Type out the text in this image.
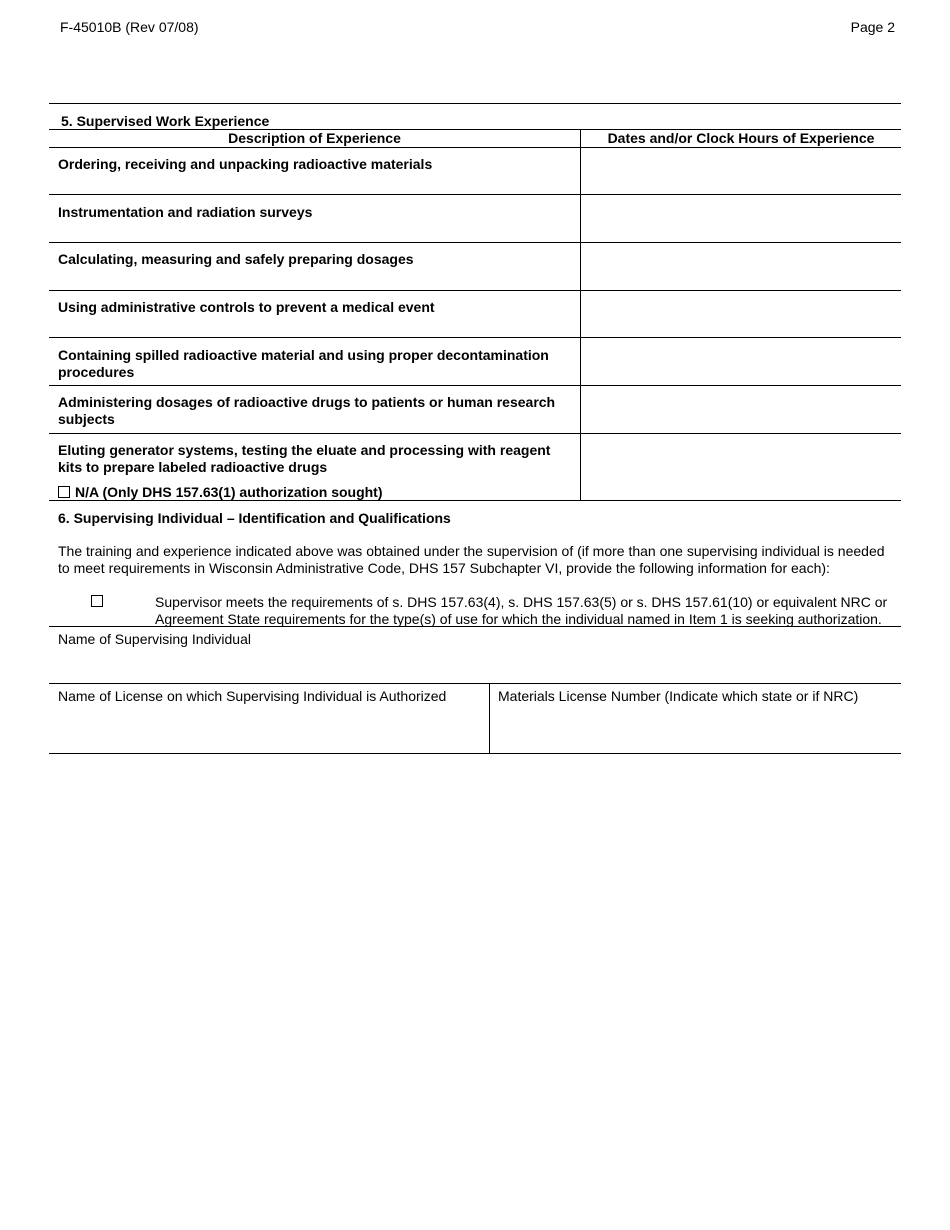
F-45010B (Rev 07/08)	Page 2
5. Supervised Work Experience
Description of Experience	Dates and/or Clock Hours of Experience
Ordering, receiving and unpacking radioactive materials
Instrumentation and radiation surveys
Calculating, measuring and safely preparing dosages
Using administrative controls to prevent a medical event
Containing spilled radioactive material and using proper decontamination procedures
Administering dosages of radioactive drugs to patients or human research subjects
Eluting generator systems, testing the eluate and processing with reagent kits to prepare labeled radioactive drugs
N/A (Only DHS 157.63(1) authorization sought)
6. Supervising Individual – Identification and Qualifications
The training and experience indicated above was obtained under the supervision of (if more than one supervising individual is needed to meet requirements in Wisconsin Administrative Code, DHS 157 Subchapter VI, provide the following information for each):
Supervisor meets the requirements of s. DHS 157.63(4), s. DHS 157.63(5) or s. DHS 157.61(10) or equivalent NRC or Agreement State requirements for the type(s) of use for which the individual named in Item 1 is seeking authorization.
Name of Supervising Individual
Name of License on which Supervising Individual is Authorized	Materials License Number (Indicate which state or if NRC)
